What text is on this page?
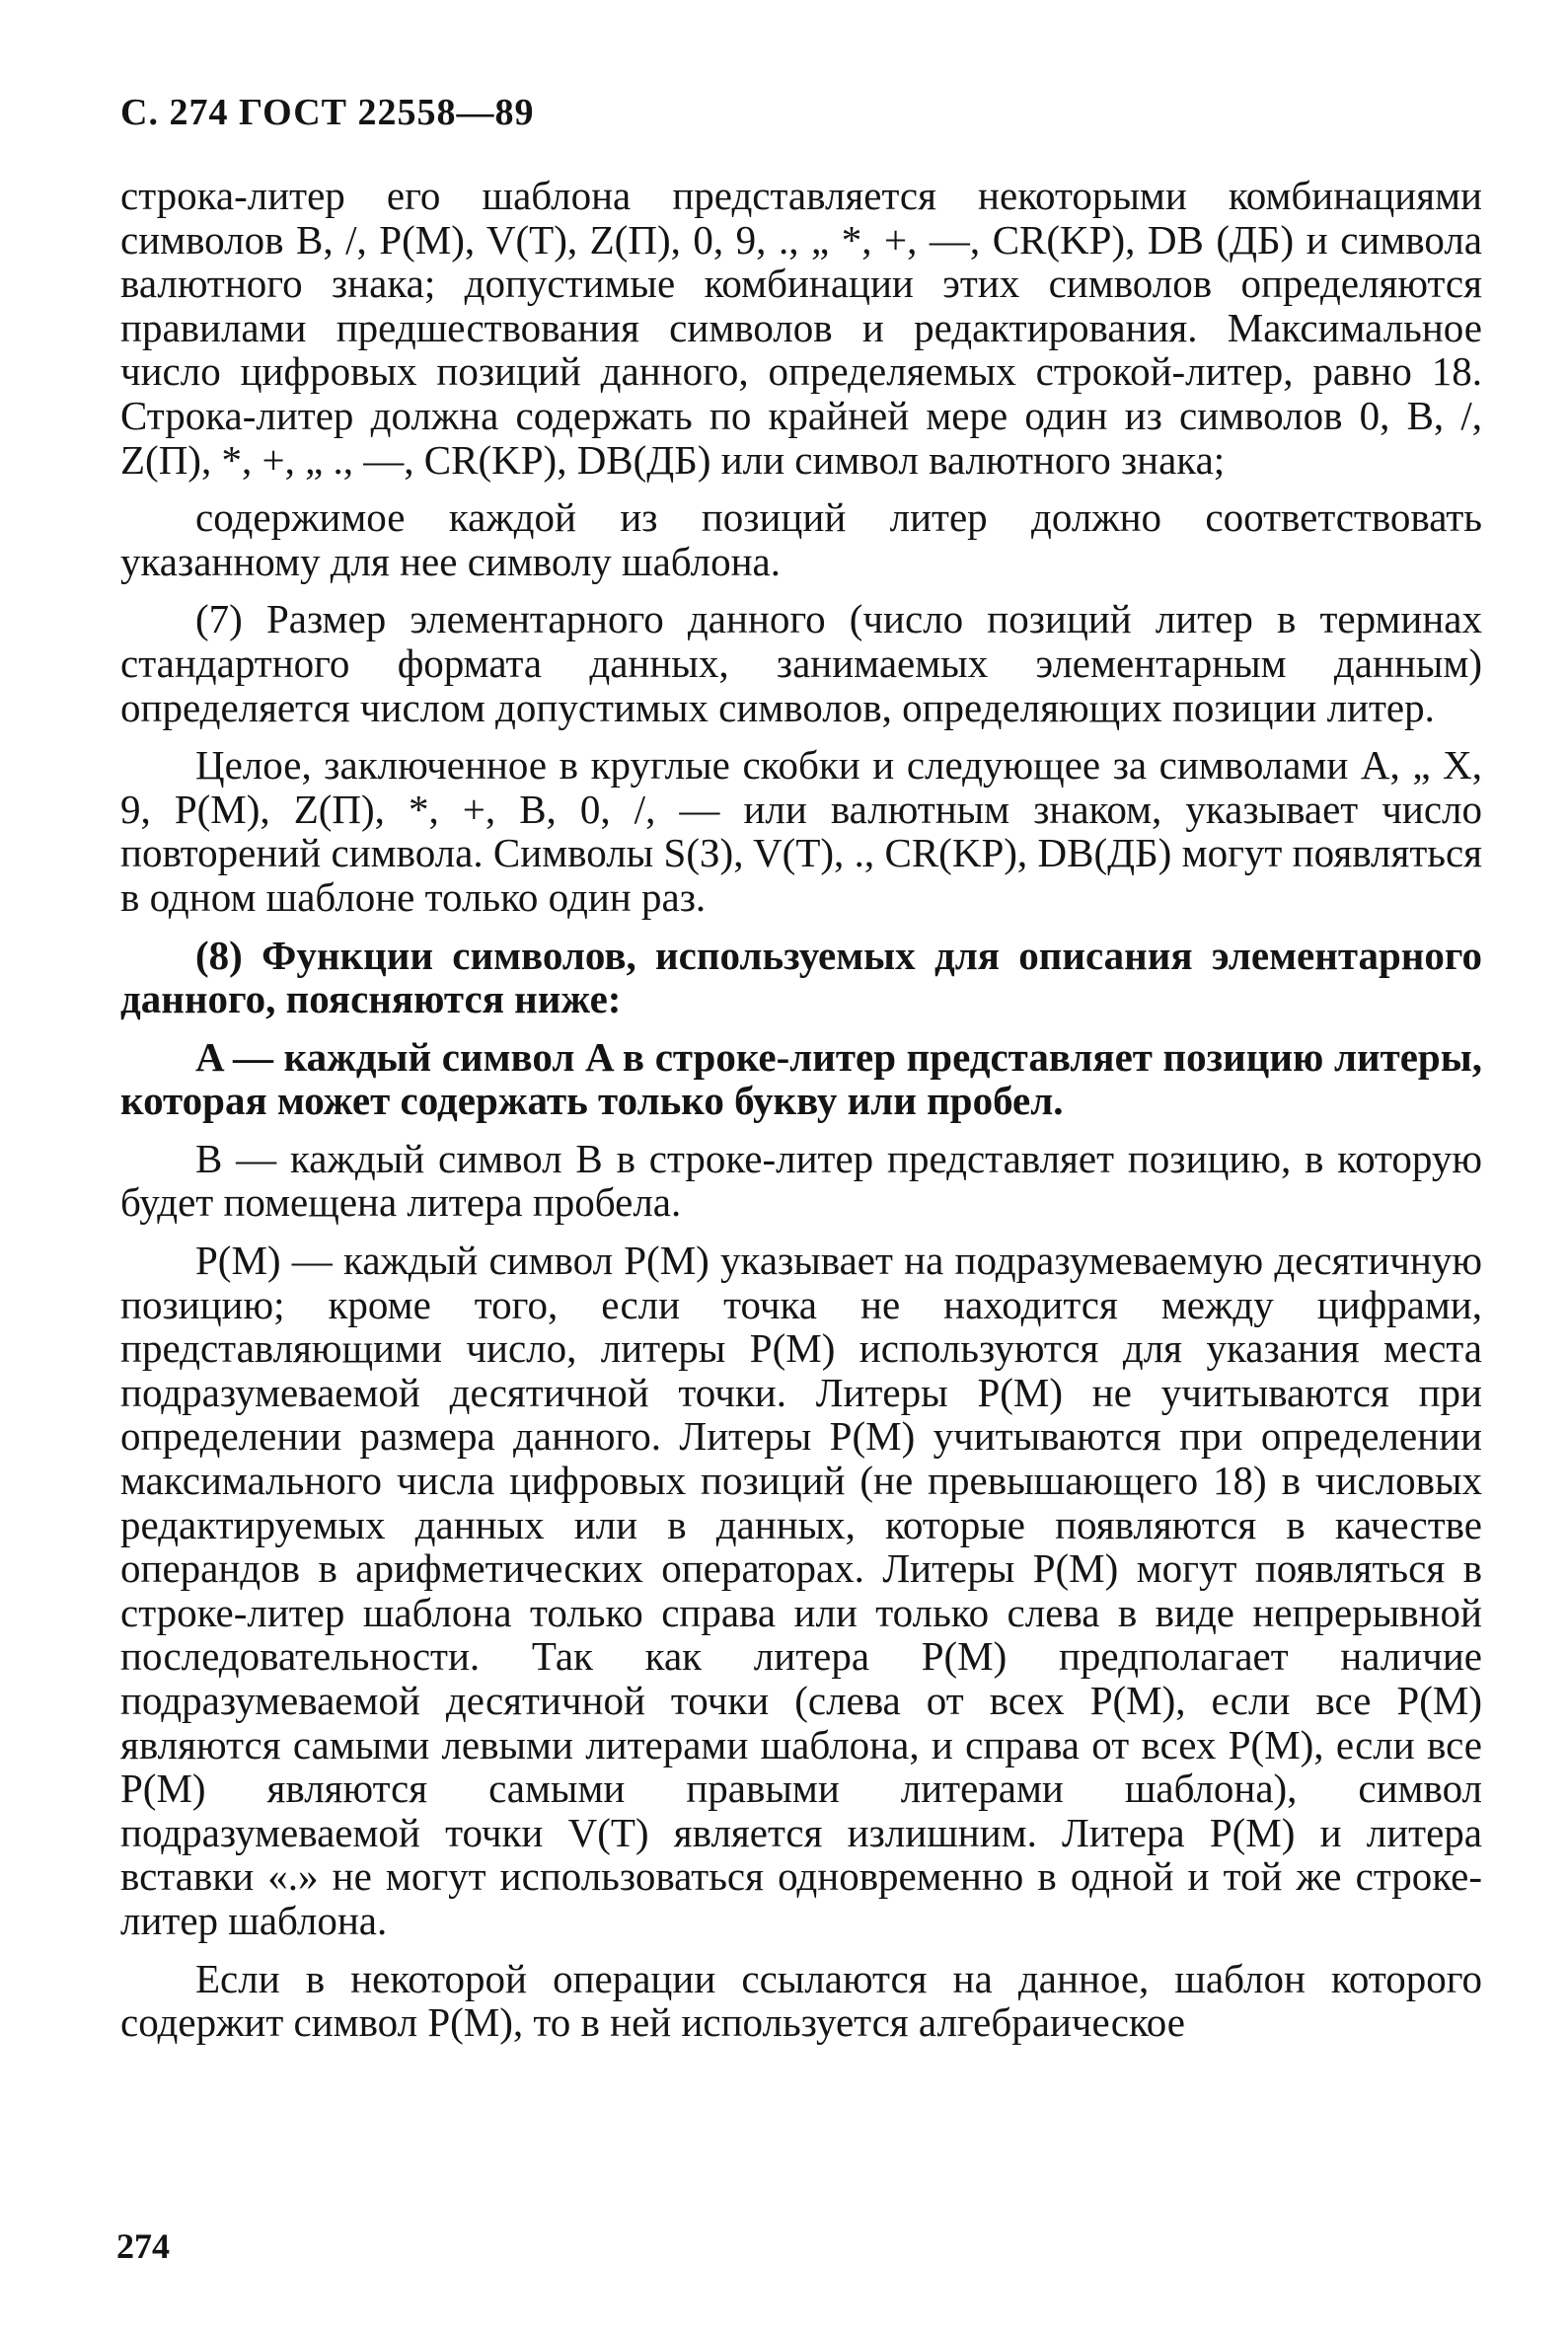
С. 274 ГОСТ 22558—89

строка-литер его шаблона представляется некоторыми комбинациями символов B, /, P(M), V(T), Z(П), 0, 9, ., „ *, +, —, CR(KP), DB (ДБ) и символа валютного знака; допустимые комбинации этих символов определяются правилами предшествования символов и редактирования. Максимальное число цифровых позиций данного, определяемых строкой-литер, равно 18. Строка-литер должна содержать по крайней мере один из символов 0, B, /, Z(П), *, +, „ ., —, CR(KP), DB(ДБ) или символ валютного знака;

содержимое каждой из позиций литер должно соответствовать указанному для нее символу шаблона.

(7) Размер элементарного данного (число позиций литер в терминах стандартного формата данных, занимаемых элементарным данным) определяется числом допустимых символов, определяющих позиции литер.

Целое, заключенное в круглые скобки и следующее за символами A, „ X, 9, P(M), Z(П), *, +, B, 0, /, — или валютным знаком, указывает число повторений символа. Символы S(З), V(T), ., CR(KP), DB(ДБ) могут появляться в одном шаблоне только один раз.

(8) Функции символов, используемых для описания элементарного данного, поясняются ниже:

A — каждый символ A в строке-литер представляет позицию литеры, которая может содержать только букву или пробел.

B — каждый символ B в строке-литер представляет позицию, в которую будет помещена литера пробела.

P(M) — каждый символ P(M) указывает на подразумеваемую десятичную позицию; кроме того, если точка не находится между цифрами, представляющими число, литеры P(M) используются для указания места подразумеваемой десятичной точки. Литеры P(M) не учитываются при определении размера данного. Литеры P(M) учитываются при определении максимального числа цифровых позиций (не превышающего 18) в числовых редактируемых данных или в данных, которые появляются в качестве операндов в арифметических операторах. Литеры P(M) могут появляться в строке-литер шаблона только справа или только слева в виде непрерывной последовательности. Так как литера P(M) предполагает наличие подразумеваемой десятичной точки (слева от всех P(M), если все P(M) являются самыми левыми литерами шаблона, и справа от всех P(M), если все P(M) являются самыми правыми литерами шаблона), символ подразумеваемой точки V(T) является излишним. Литера P(M) и литера вставки «.» не могут использоваться одновременно в одной и той же строке-литер шаблона.

Если в некоторой операции ссылаются на данное, шаблон которого содержит символ P(M), то в ней используется алгебраическое

274
